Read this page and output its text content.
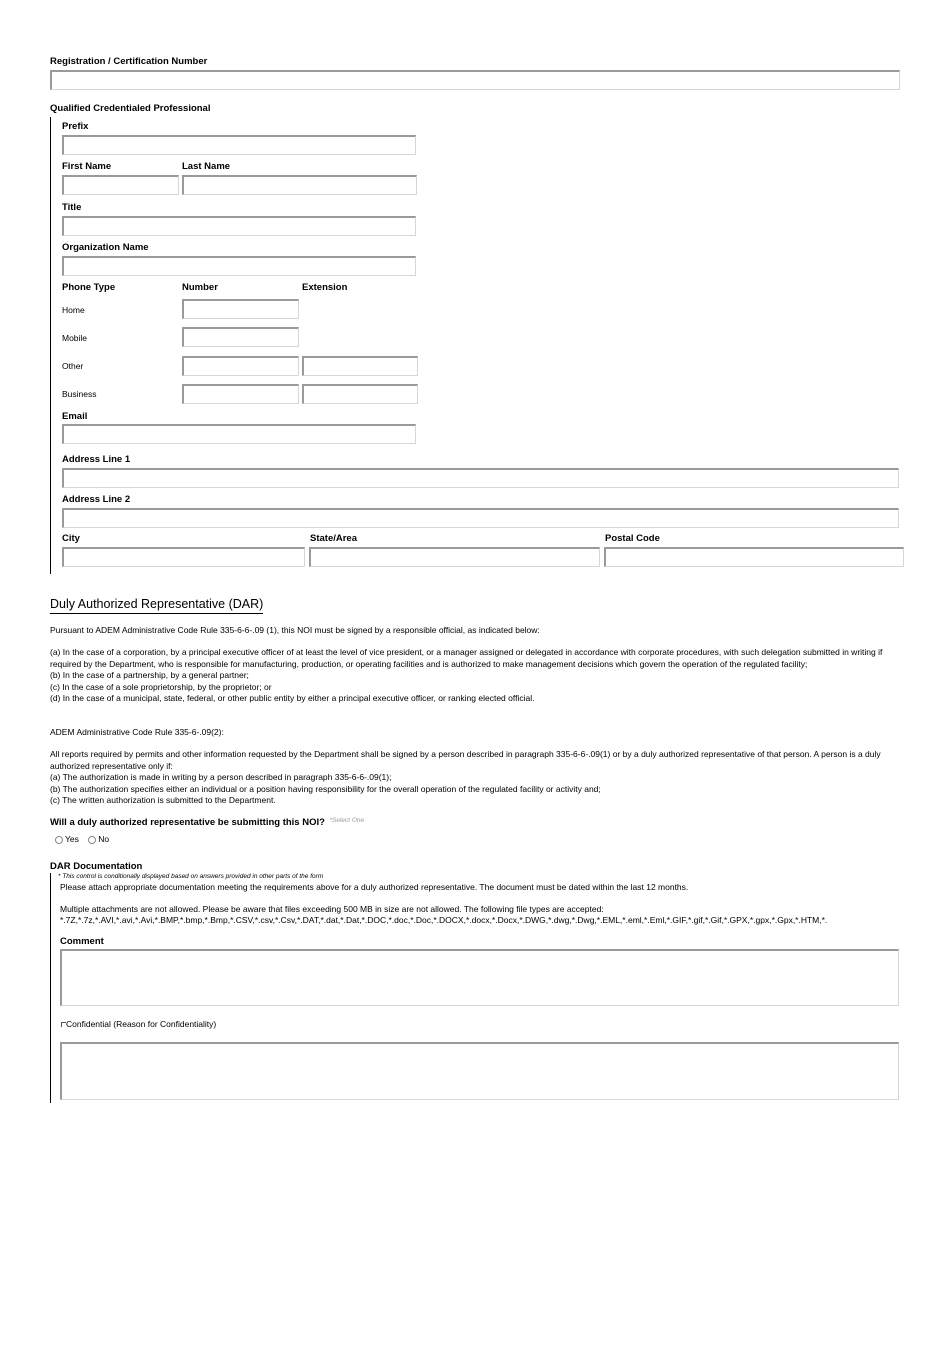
Registration / Certification Number
Qualified Credentialed Professional
Prefix
First Name	Last Name
Title
Organization Name
Phone Type	Number	Extension
Home
Mobile
Other
Business
Email
Address Line 1
Address Line 2
City	State/Area	Postal Code
Duly Authorized Representative (DAR)
Pursuant to ADEM Administrative Code Rule 335-6-6-.09 (1), this NOI must be signed by a responsible official, as indicated below:
(a) In the case of a corporation, by a principal executive officer of at least the level of vice president, or a manager assigned or delegated in accordance with corporate procedures, with such delegation submitted in writing if required by the Department, who is responsible for manufacturing, production, or operating facilities and is authorized to make management decisions which govern the operation of the regulated facility;
(b) In the case of a partnership, by a general partner;
(c) In the case of a sole proprietorship, by the proprietor; or
(d) In the case of a municipal, state, federal, or other public entity by either a principal executive officer, or ranking elected official.
ADEM Administrative Code Rule 335-6-.09(2):
All reports required by permits and other information requested by the Department shall be signed by a person described in paragraph 335-6-6-.09(1) or by a duly authorized representative of that person. A person is a duly authorized representative only if:
(a) The authorization is made in writing by a person described in paragraph 335-6-6-.09(1);
(b) The authorization specifies either an individual or a position having responsibility for the overall operation of the regulated facility or activity and;
(c) The written authorization is submitted to the Department.
Will a duly authorized representative be submitting this NOI? $^{*Select One}$
Yes No
DAR Documentation
* This control is conditionally displayed based on answers provided in other parts of the form
Please attach appropriate documentation meeting the requirements above for a duly authorized representative. The document must be dated within the last 12 months.
Multiple attachments are not allowed. Please be aware that files exceeding 500 MB in size are not allowed. The following file types are accepted:
*.7Z,*.7z,*.AVI,*.avi,*.Avi,*.BMP,*.bmp,*.Bmp,*.CSV,*.csv,*.Csv,*.DAT,*.dat,*.Dat,*.DOC,*.doc,*.Doc,*.DOCX,*.docx,*.Docx,*.DWG,*.dwg,*.Dwg,*.EML,*.eml,*.Eml,*.GIF,*.gif,*.Gif,*.GPX,*.gpx,*.Gpx,*.HTM,*.
Comment
Confidential (Reason for Confidentiality)
